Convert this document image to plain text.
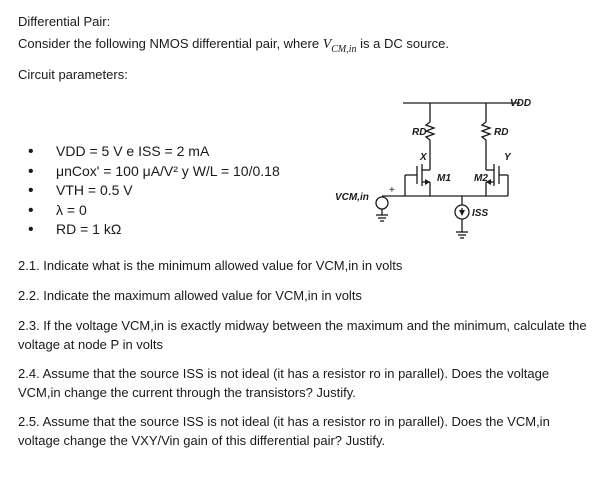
Differential Pair:
Consider the following NMOS differential pair, where $V_{CM,in}$ is a DC source.
Circuit parameters:
• VDD = 5 V e ISS = 2 mA
• μnCox' = 100 μA/V² y W/L = 10/0.18
• VTH = 0.5 V
• λ = 0
• RD = 1 kΩ
VDD
RD	RD
X	Y
M1 M2
VCM,in
+
ISS
2.1. Indicate what is the minimum allowed value for VCM,in in volts
2.2. Indicate the maximum allowed value for VCM,in in volts
2.3. If the voltage VCM,in is exactly midway between the maximum and the minimum, calculate the voltage at node P in volts
2.4. Assume that the source ISS is not ideal (it has a resistor ro in parallel). Does the voltage VCM,in change the current through the transistors? Justify.
2.5. Assume that the source ISS is not ideal (it has a resistor ro in parallel). Does the VCM,in voltage change the VXY/Vin gain of this differential pair? Justify.
